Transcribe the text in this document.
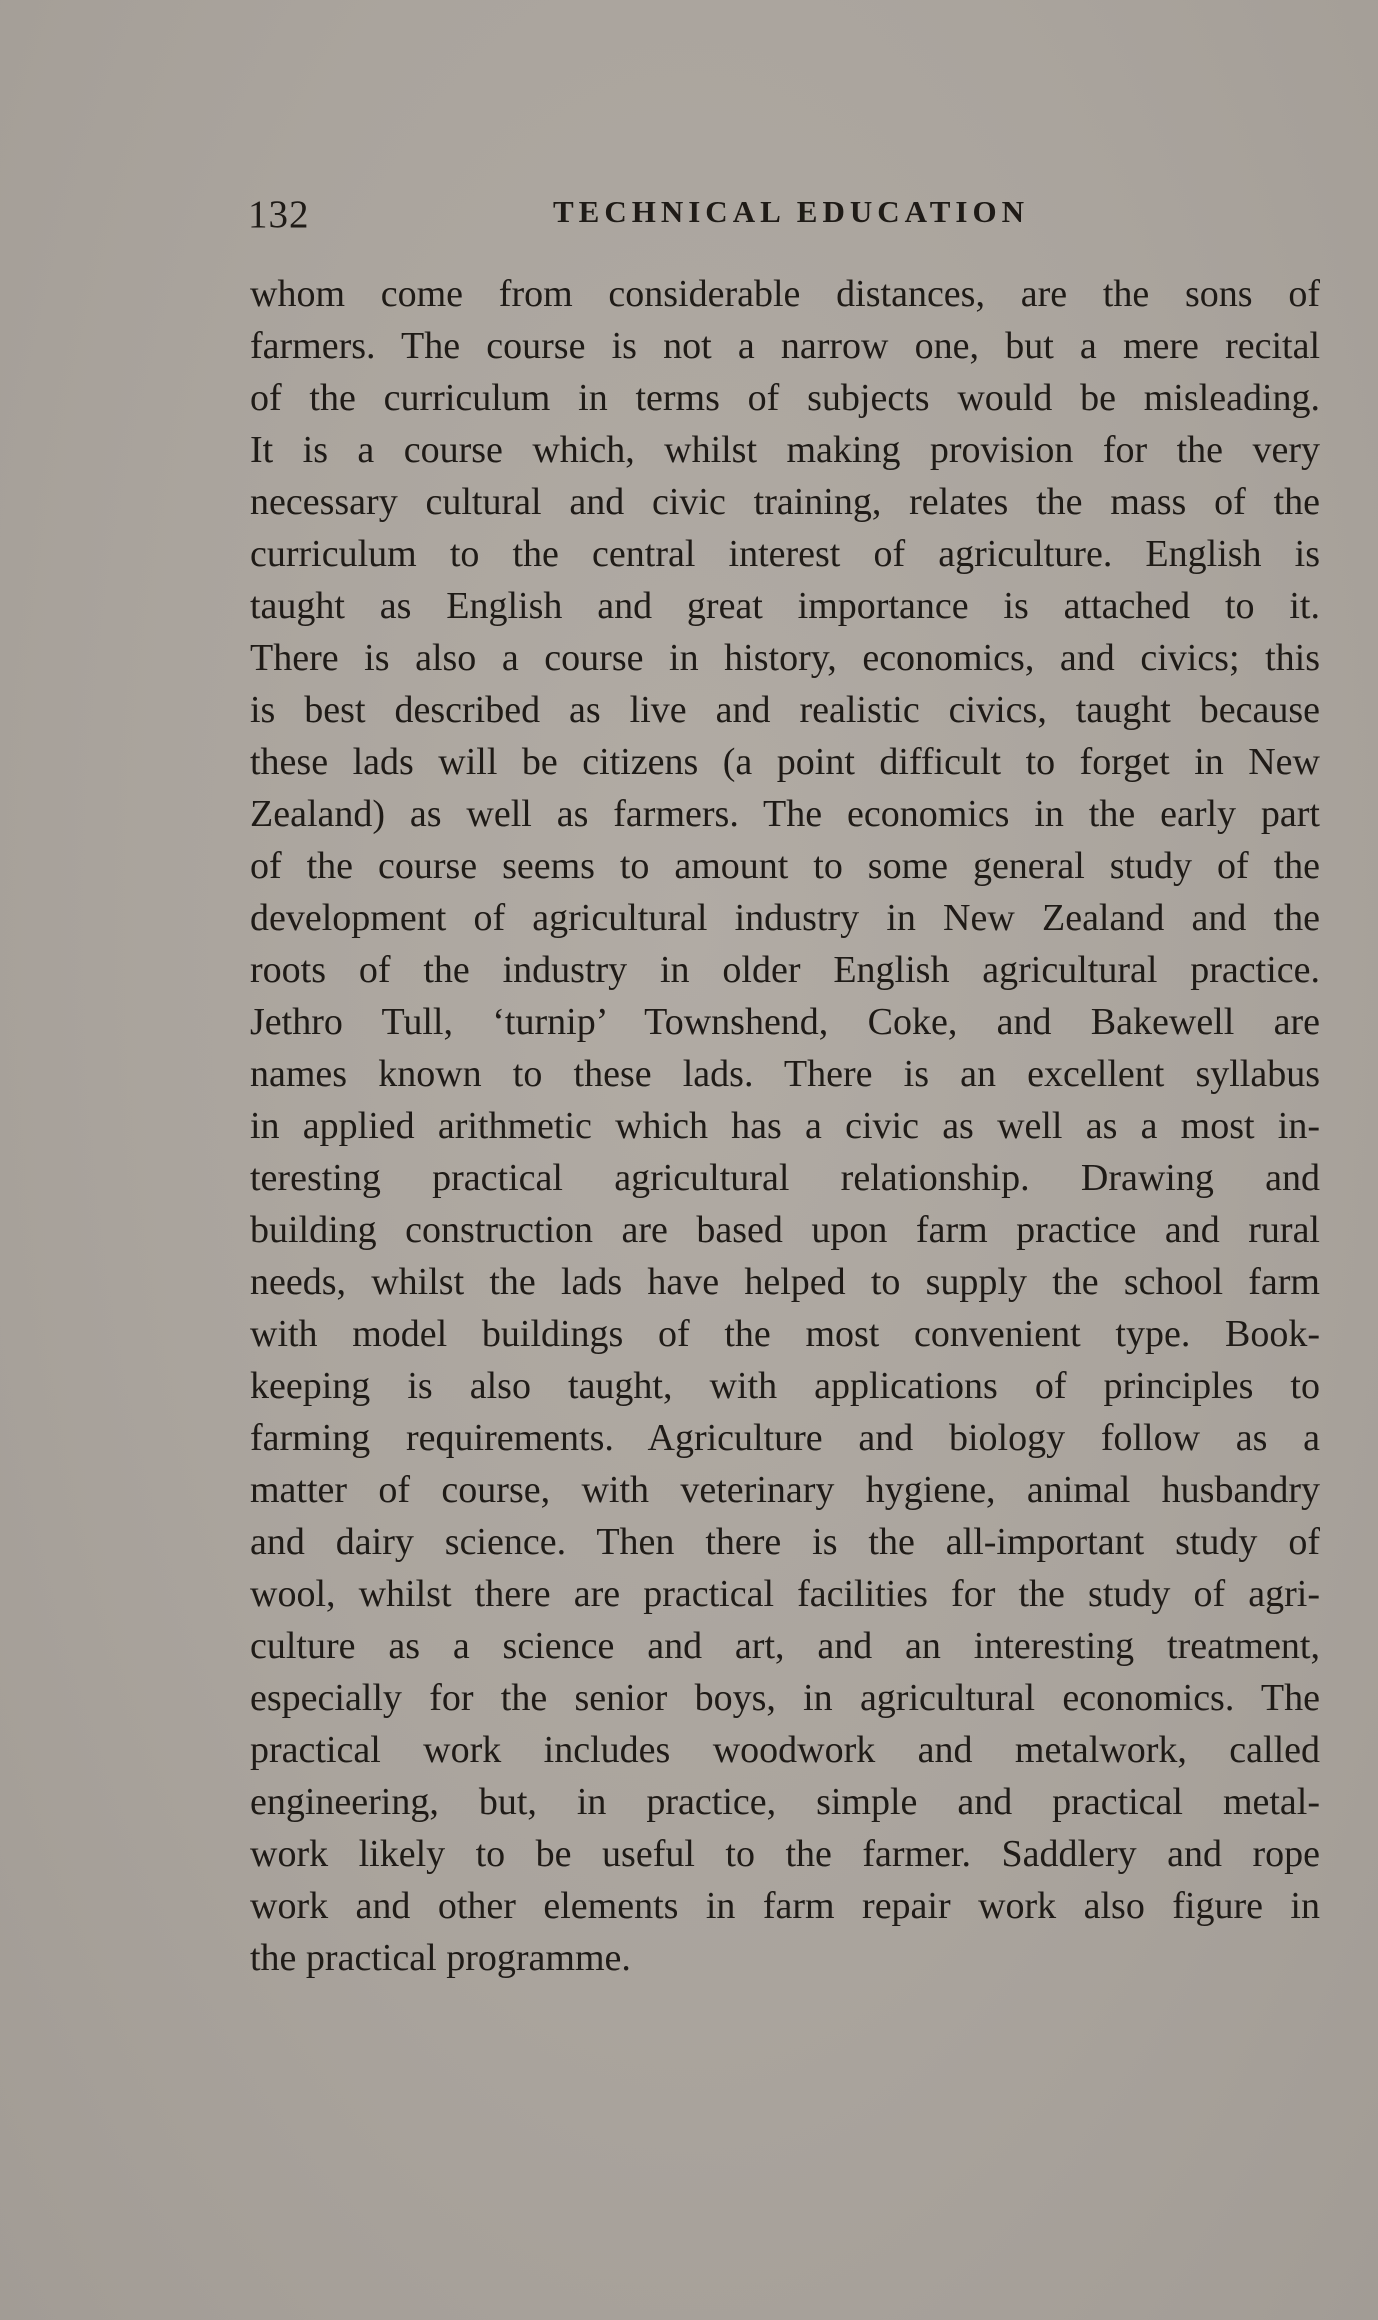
132	TECHNICAL EDUCATION
whom come from considerable distances, are the sons of
farmers. The course is not a narrow one, but a mere recital
of the curriculum in terms of subjects would be misleading.
It is a course which, whilst making provision for the very
necessary cultural and civic training, relates the mass of the
curriculum to the central interest of agriculture. English is
taught as English and great importance is attached to it.
There is also a course in history, economics, and civics; this
is best described as live and realistic civics, taught because
these lads will be citizens (a point difficult to forget in New
Zealand) as well as farmers. The economics in the early part
of the course seems to amount to some general study of the
development of agricultural industry in New Zealand and the
roots of the industry in older English agricultural practice.
Jethro Tull, ‘turnip’ Townshend, Coke, and Bakewell are
names known to these lads. There is an excellent syllabus
in applied arithmetic which has a civic as well as a most in-
teresting practical agricultural relationship. Drawing and
building construction are based upon farm practice and rural
needs, whilst the lads have helped to supply the school farm
with model buildings of the most convenient type. Book-
keeping is also taught, with applications of principles to
farming requirements. Agriculture and biology follow as a
matter of course, with veterinary hygiene, animal husbandry
and dairy science. Then there is the all-important study of
wool, whilst there are practical facilities for the study of agri-
culture as a science and art, and an interesting treatment,
especially for the senior boys, in agricultural economics. The
practical work includes woodwork and metalwork, called
engineering, but, in practice, simple and practical metal-
work likely to be useful to the farmer. Saddlery and rope
work and other elements in farm repair work also figure in
the practical programme.
